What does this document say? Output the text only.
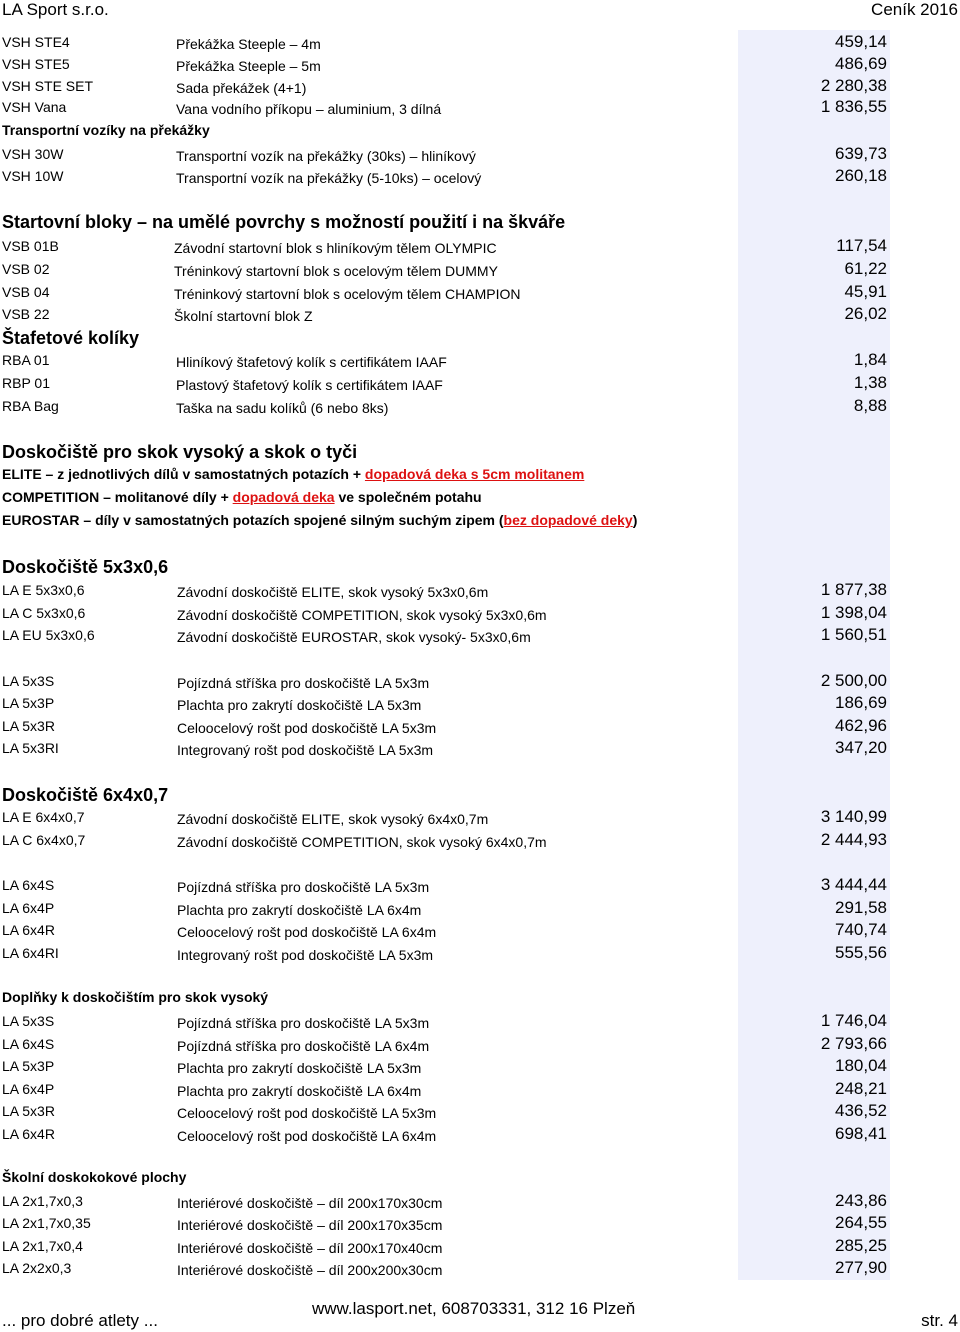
LA Sport s.r.o.	Ceník 2016
Transportní vozíky na překážky
Startovní bloky – na umělé povrchy s možností použití i na škváře
Štafetové kolíky
Doskočiště pro skok vysoký a skok o tyči
ELITE – z jednotlivých dílů v samostatných potazích + dopadová deka s 5cm molitanem
COMPETITION – molitanové díly + dopadová deka ve společném potahu
EUROSTAR – díly v samostatných potazích spojené silným suchým zipem (bez dopadové deky)
Doskočiště 5x3x0,6
Doskočiště 6x4x0,7
Doplňky k doskočištím pro skok vysoký
Školní doskokokové plochy
VSH STE4	Překážka Steeple – 4m	459,14
VSH STE5	Překážka Steeple – 5m	486,69
VSH STE SET	Sada překážek (4+1)	2 280,38
VSH Vana	Vana vodního příkopu – aluminium, 3 dílná	1 836,55
VSH 30W	Transportní vozík na překážky (30ks) – hliníkový	639,73
VSH 10W	Transportní vozík na překážky (5-10ks) – ocelový	260,18
VSB 01B	Závodní startovní blok s hliníkovým tělem OLYMPIC	117,54
VSB 02	Tréninkový startovní blok s ocelovým tělem DUMMY	61,22
VSB 04	Tréninkový startovní blok s ocelovým tělem CHAMPION	45,91
VSB 22	Školní startovní blok Z	26,02
RBA 01	Hliníkový štafetový kolík s certifikátem IAAF	1,84
RBP 01	Plastový štafetový kolík s certifikátem IAAF	1,38
RBA Bag	Taška na sadu kolíků (6 nebo 8ks)	8,88
LA E 5x3x0,6	Závodní doskočiště ELITE, skok vysoký 5x3x0,6m	1 877,38
LA C 5x3x0,6	Závodní doskočiště COMPETITION, skok vysoký 5x3x0,6m	1 398,04
LA EU 5x3x0,6	Závodní doskočiště EUROSTAR, skok vysoký- 5x3x0,6m	1 560,51
LA 5x3S	Pojízdná stříška pro doskočiště LA 5x3m	2 500,00
LA 5x3P	Plachta pro zakrytí doskočiště LA 5x3m	186,69
LA 5x3R	Celoocelový rošt pod doskočiště LA 5x3m	462,96
LA 5x3RI	Integrovaný rošt pod doskočiště LA 5x3m	347,20
LA E 6x4x0,7	Závodní doskočiště ELITE, skok vysoký 6x4x0,7m	3 140,99
LA C 6x4x0,7	Závodní doskočiště COMPETITION, skok vysoký 6x4x0,7m	2 444,93
LA 6x4S	Pojízdná stříška pro doskočiště LA 5x3m	3 444,44
LA 6x4P	Plachta pro zakrytí doskočiště LA 6x4m	291,58
LA 6x4R	Celoocelový rošt pod doskočiště LA 6x4m	740,74
LA 6x4RI	Integrovaný rošt pod doskočiště LA 5x3m	555,56
LA 5x3S	Pojízdná stříška pro doskočiště LA 5x3m	1 746,04
LA 6x4S	Pojízdná stříška pro doskočiště LA 6x4m	2 793,66
LA 5x3P	Plachta pro zakrytí doskočiště LA 5x3m	180,04
LA 6x4P	Plachta pro zakrytí doskočiště LA 6x4m	248,21
LA 5x3R	Celoocelový rošt pod doskočiště LA 5x3m	436,52
LA 6x4R	Celoocelový rošt pod doskočiště LA 6x4m	698,41
LA 2x1,7x0,3	Interiérové doskočiště – díl 200x170x30cm	243,86
LA 2x1,7x0,35	Interiérové doskočiště – díl 200x170x35cm	264,55
LA 2x1,7x0,4	Interiérové doskočiště – díl 200x170x40cm	285,25
LA 2x2x0,3	Interiérové doskočiště – díl 200x200x30cm	277,90
... pro dobré atlety ...
www.lasport.net, 608703331, 312 16 Plzeň
str. 4
